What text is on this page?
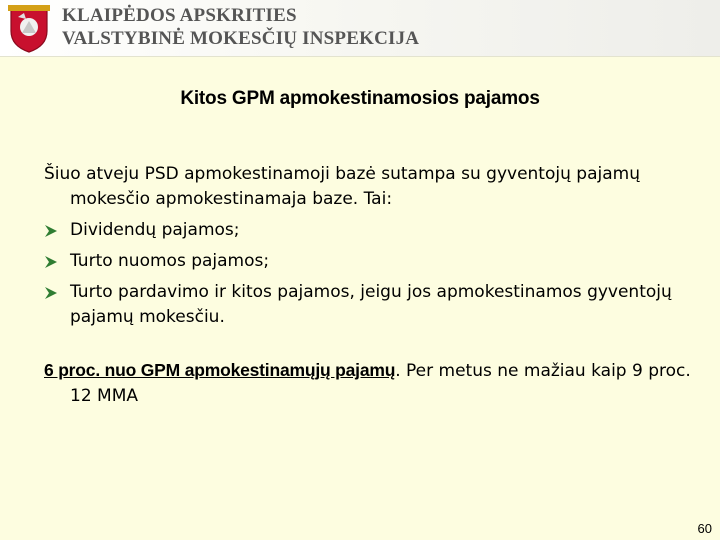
KLAIPĖDOS APSKRITIES
VALSTYBINĖ MOKESČIŲ INSPEKCIJA
Kitos GPM apmokestinamosios pajamos

Šiuo atveju PSD apmokestinamoji bazė sutampa su gyventojų pajamų mokesčio apmokestinamaja baze. Tai:

Dividendų pajamos;
Turto nuomos pajamos;
Turto pardavimo ir kitos pajamos, jeigu jos apmokestinamos gyventojų pajamų mokesčiu.

6 proc. nuo GPM apmokestinamųjų pajamų. Per metus ne mažiau kaip 9 proc. 12 MMA

60
